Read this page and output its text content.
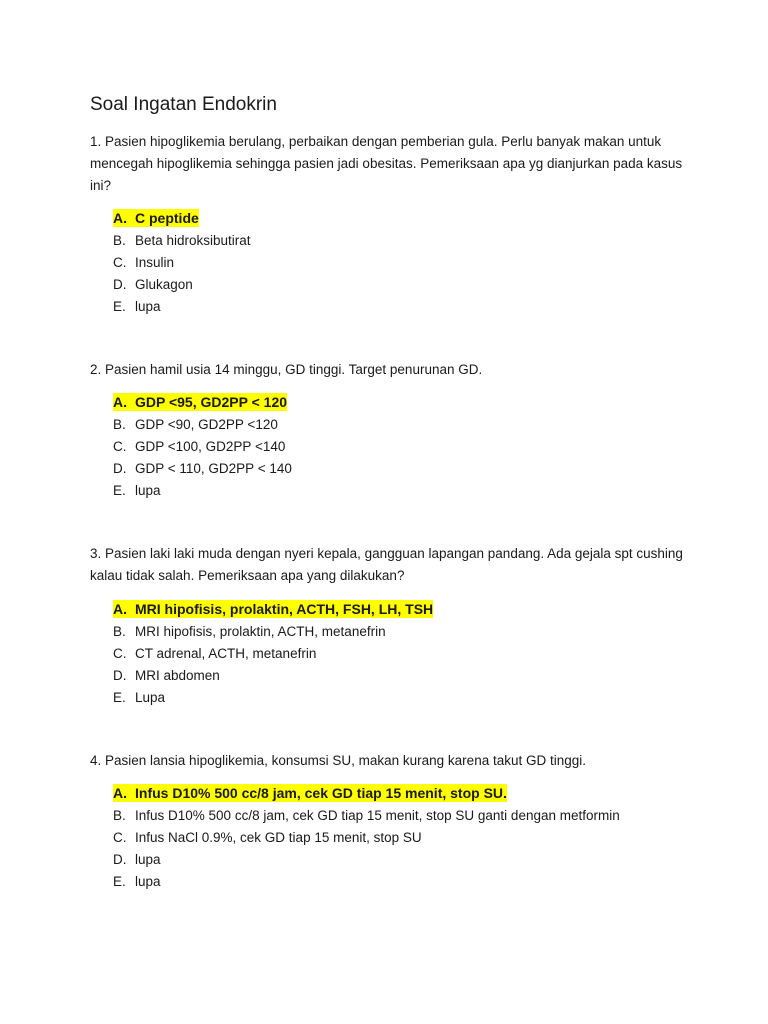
Soal Ingatan Endokrin

1. Pasien hipoglikemia berulang, perbaikan dengan pemberian gula. Perlu banyak makan untuk mencegah hipoglikemia sehingga pasien jadi obesitas. Pemeriksaan apa yg dianjurkan pada kasus ini?

A. C peptide
B. Beta hidroksibutirat
C. Insulin
D. Glukagon
E. lupa

2. Pasien hamil usia 14 minggu, GD tinggi. Target penurunan GD.

A. GDP <95, GD2PP < 120
B. GDP <90, GD2PP <120
C. GDP <100, GD2PP <140
D. GDP < 110, GD2PP < 140
E. lupa

3. Pasien laki laki muda dengan nyeri kepala, gangguan lapangan pandang. Ada gejala spt cushing kalau tidak salah. Pemeriksaan apa yang dilakukan?

A. MRI hipofisis, prolaktin, ACTH, FSH, LH, TSH
B. MRI hipofisis, prolaktin, ACTH, metanefrin
C. CT adrenal, ACTH, metanefrin
D. MRI abdomen
E. Lupa

4. Pasien lansia hipoglikemia, konsumsi SU, makan kurang karena takut GD tinggi.

A. Infus D10% 500 cc/8 jam, cek GD tiap 15 menit, stop SU.
B. Infus D10% 500 cc/8 jam, cek GD tiap 15 menit, stop SU ganti dengan metformin
C. Infus NaCl 0.9%, cek GD tiap 15 menit, stop SU
D. lupa
E. lupa
